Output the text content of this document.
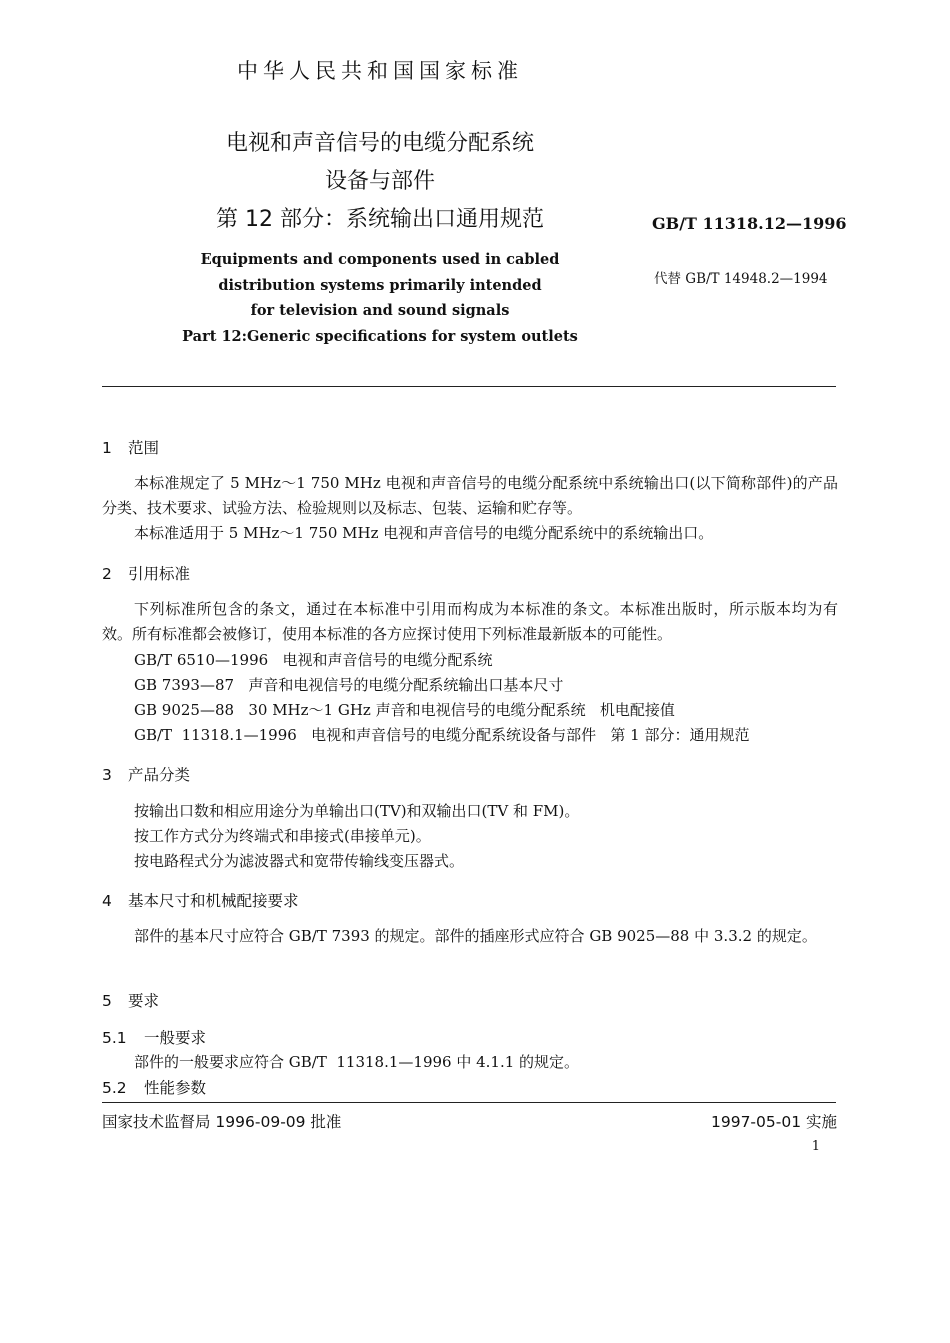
中华人民共和国国家标准
电视和声音信号的电缆分配系统
设备与部件
第 12 部分：系统输出口通用规范
Equipments and components used in cabled
distribution systems primarily intended
for television and sound signals
Part 12:Generic specifications for system outlets
GB/T 11318.12—1996
代替 GB/T 14948.2—1994
1 范围
本标准规定了 5 MHz～1 750 MHz 电视和声音信号的电缆分配系统中系统输出口(以下简称部件)的产品分类、技术要求、试验方法、检验规则以及标志、包装、运输和贮存等。
本标准适用于 5 MHz～1 750 MHz 电视和声音信号的电缆分配系统中的系统输出口。
2 引用标准
下列标准所包含的条文，通过在本标准中引用而构成为本标准的条文。本标准出版时，所示版本均为有效。所有标准都会被修订，使用本标准的各方应探讨使用下列标准最新版本的可能性。
GB/T 6510—1996   电视和声音信号的电缆分配系统
GB 7393—87   声音和电视信号的电缆分配系统输出口基本尺寸
GB 9025—88   30 MHz～1 GHz 声音和电视信号的电缆分配系统   机电配接值
GB/T  11318.1—1996   电视和声音信号的电缆分配系统设备与部件   第 1 部分：通用规范
3 产品分类
按输出口数和相应用途分为单输出口(TV)和双输出口(TV 和 FM)。
按工作方式分为终端式和串接式(串接单元)。
按电路程式分为滤波器式和宽带传输线变压器式。
4 基本尺寸和机械配接要求
部件的基本尺寸应符合 GB/T 7393 的规定。部件的插座形式应符合 GB 9025—88 中 3.3.2 的规定。
5 要求
5.1 一般要求
部件的一般要求应符合 GB/T  11318.1—1996 中 4.1.1 的规定。
5.2 性能参数
国家技术监督局 1996-09-09 批准	1997-05-01 实施
1
